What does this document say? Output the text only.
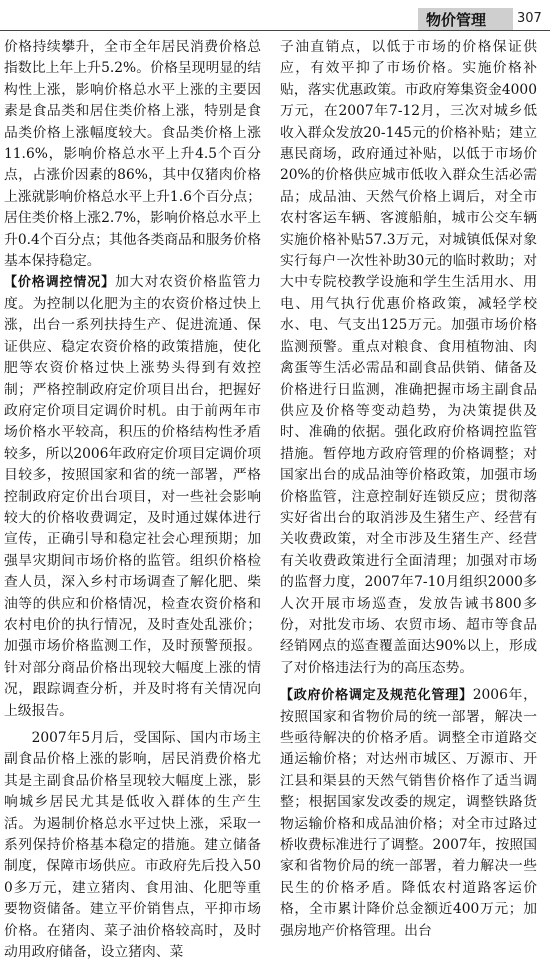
物价管理 307

价格持续攀升，全市全年居民消费价格总指数比上年上升5.2%。价格呈现明显的结构性上涨，影响价格总水平上涨的主要因素是食品类和居住类价格上涨，特别是食品类价格上涨幅度较大。食品类价格上涨11.6%，影响价格总水平上升4.5个百分点，占涨价因素的86%，其中仅猪肉价格上涨就影响价格总水平上升1.6个百分点；居住类价格上涨2.7%，影响价格总水平上升0.4个百分点；其他各类商品和服务价格基本保持稳定。

【价格调控情况】加大对农资价格监管力度。为控制以化肥为主的农资价格过快上涨，出台一系列扶持生产、促进流通、保证供应、稳定农资价格的政策措施，使化肥等农资价格过快上涨势头得到有效控制；严格控制政府定价项目出台，把握好政府定价项目定调价时机。由于前两年市场价格水平较高，积压的价格结构性矛盾较多，所以2006年政府定价项目定调价项目较多，按照国家和省的统一部署，严格控制政府定价出台项目，对一些社会影响较大的价格收费调定，及时通过媒体进行宣传，正确引导和稳定社会心理预期；加强旱灾期间市场价格的监管。组织价格检查人员，深入乡村市场调查了解化肥、柴油等的供应和价格情况，检查农资价格和农村电价的执行情况，及时查处乱涨价；加强市场价格监测工作，及时预警预报。针对部分商品价格出现较大幅度上涨的情况，跟踪调查分析，并及时将有关情况向上级报告。

2007年5月后，受国际、国内市场主副食品价格上涨的影响，居民消费价格尤其是主副食品价格呈现较大幅度上涨，影响城乡居民尤其是低收入群体的生产生活。为遏制价格总水平过快上涨，采取一系列保持价格基本稳定的措施。建立储备制度，保障市场供应。市政府先后投入500多万元，建立猪肉、食用油、化肥等重要物资储备。建立平价销售点，平抑市场价格。在猪肉、菜子油价格较高时，及时动用政府储备，设立猪肉、菜

子油直销点，以低于市场的价格保证供应，有效平抑了市场价格。实施价格补贴，落实优惠政策。市政府筹集资金4000万元，在2007年7-12月，三次对城乡低收入群众发放20-145元的价格补贴；建立惠民商场，政府通过补贴，以低于市场价20%的价格供应城市低收入群众生活必需品；成品油、天然气价格上调后，对全市农村客运车辆、客渡船舶，城市公交车辆实施价格补贴57.3万元，对城镇低保对象实行每户一次性补助30元的临时救助；对大中专院校教学设施和学生生活用水、用电、用气执行优惠价格政策，减轻学校水、电、气支出125万元。加强市场价格监测预警。重点对粮食、食用植物油、肉禽蛋等生活必需品和副食品供销、储备及价格进行日监测，准确把握市场主副食品供应及价格等变动趋势，为决策提供及时、准确的依据。强化政府价格调控监管措施。暂停地方政府管理的价格调整；对国家出台的成品油等价格政策，加强市场价格监管，注意控制好连锁反应；贯彻落实好省出台的取消涉及生猪生产、经营有关收费政策，对全市涉及生猪生产、经营有关收费政策进行全面清理；加强对市场的监督力度，2007年7-10月组织2000多人次开展市场巡查，发放告诫书800多份，对批发市场、农贸市场、超市等食品经销网点的巡查覆盖面达90%以上，形成了对价格违法行为的高压态势。

【政府价格调定及规范化管理】2006年，按照国家和省物价局的统一部署，解决一些亟待解决的价格矛盾。调整全市道路交通运输价格；对达州市城区、万源市、开江县和渠县的天然气销售价格作了适当调整；根据国家发改委的规定，调整铁路货物运输价格和成品油价格；对全市过路过桥收费标准进行了调整。2007年，按照国家和省物价局的统一部署，着力解决一些民生的价格矛盾。降低农村道路客运价格，全市累计降价总金额近400万元；加强房地产价格管理。出台
